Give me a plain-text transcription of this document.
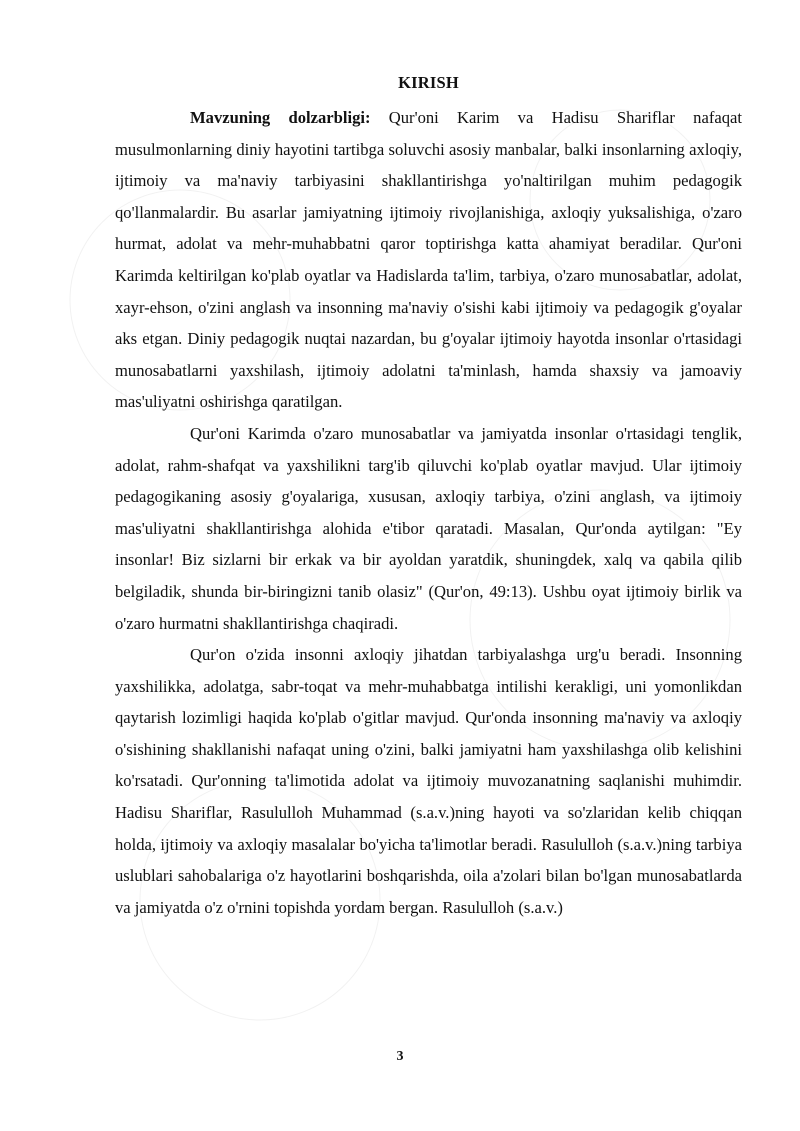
KIRISH

Mavzuning dolzarbligi: Qur'oni Karim va Hadisu Shariflar nafaqat musulmonlarning diniy hayotini tartibga soluvchi asosiy manbalar, balki insonlarning axloqiy, ijtimoiy va ma'naviy tarbiyasini shakllantirishga yo'naltirilgan muhim pedagogik qo'llanmalardir. Bu asarlar jamiyatning ijtimoiy rivojlanishiga, axloqiy yuksalishiga, o'zaro hurmat, adolat va mehr-muhabbatni qaror toptirishga katta ahamiyat beradilar. Qur'oni Karimda keltirilgan ko'plab oyatlar va Hadislarda ta'lim, tarbiya, o'zaro munosabatlar, adolat, xayr-ehson, o'zini anglash va insonning ma'naviy o'sishi kabi ijtimoiy va pedagogik g'oyalar aks etgan. Diniy pedagogik nuqtai nazardan, bu g'oyalar ijtimoiy hayotda insonlar o'rtasidagi munosabatlarni yaxshilash, ijtimoiy adolatni ta'minlash, hamda shaxsiy va jamoaviy mas'uliyatni oshirishga qaratilgan.

Qur'oni Karimda o'zaro munosabatlar va jamiyatda insonlar o'rtasidagi tenglik, adolat, rahm-shafqat va yaxshilikni targ'ib qiluvchi ko'plab oyatlar mavjud. Ular ijtimoiy pedagogikaning asosiy g'oyalariga, xususan, axloqiy tarbiya, o'zini anglash, va ijtimoiy mas'uliyatni shakllantirishga alohida e'tibor qaratadi. Masalan, Qur'onda aytilgan: "Ey insonlar! Biz sizlarni bir erkak va bir ayoldan yaratdik, shuningdek, xalq va qabila qilib belgiladik, shunda bir-biringizni tanib olasiz" (Qur'on, 49:13). Ushbu oyat ijtimoiy birlik va o'zaro hurmatni shakllantirishga chaqiradi.

Qur'on o'zida insonni axloqiy jihatdan tarbiyalashga urg'u beradi. Insonning yaxshilikka, adolatga, sabr-toqat va mehr-muhabbatga intilishi kerakligi, uni yomonlikdan qaytarish lozimligi haqida ko'plab o'gitlar mavjud. Qur'onda insonning ma'naviy va axloqiy o'sishining shakllanishi nafaqat uning o'zini, balki jamiyatni ham yaxshilashga olib kelishini ko'rsatadi. Qur'onning ta'limotida adolat va ijtimoiy muvozanatning saqlanishi muhimdir. Hadisu Shariflar, Rasululloh Muhammad (s.a.v.)ning hayoti va so'zlaridan kelib chiqqan holda, ijtimoiy va axloqiy masalalar bo'yicha ta'limotlar beradi. Rasululloh (s.a.v.)ning tarbiya uslublari sahobalariga o'z hayotlarini boshqarishda, oila a'zolari bilan bo'lgan munosabatlarda va jamiyatda o'z o'rnini topishda yordam bergan. Rasululloh (s.a.v.)

3
